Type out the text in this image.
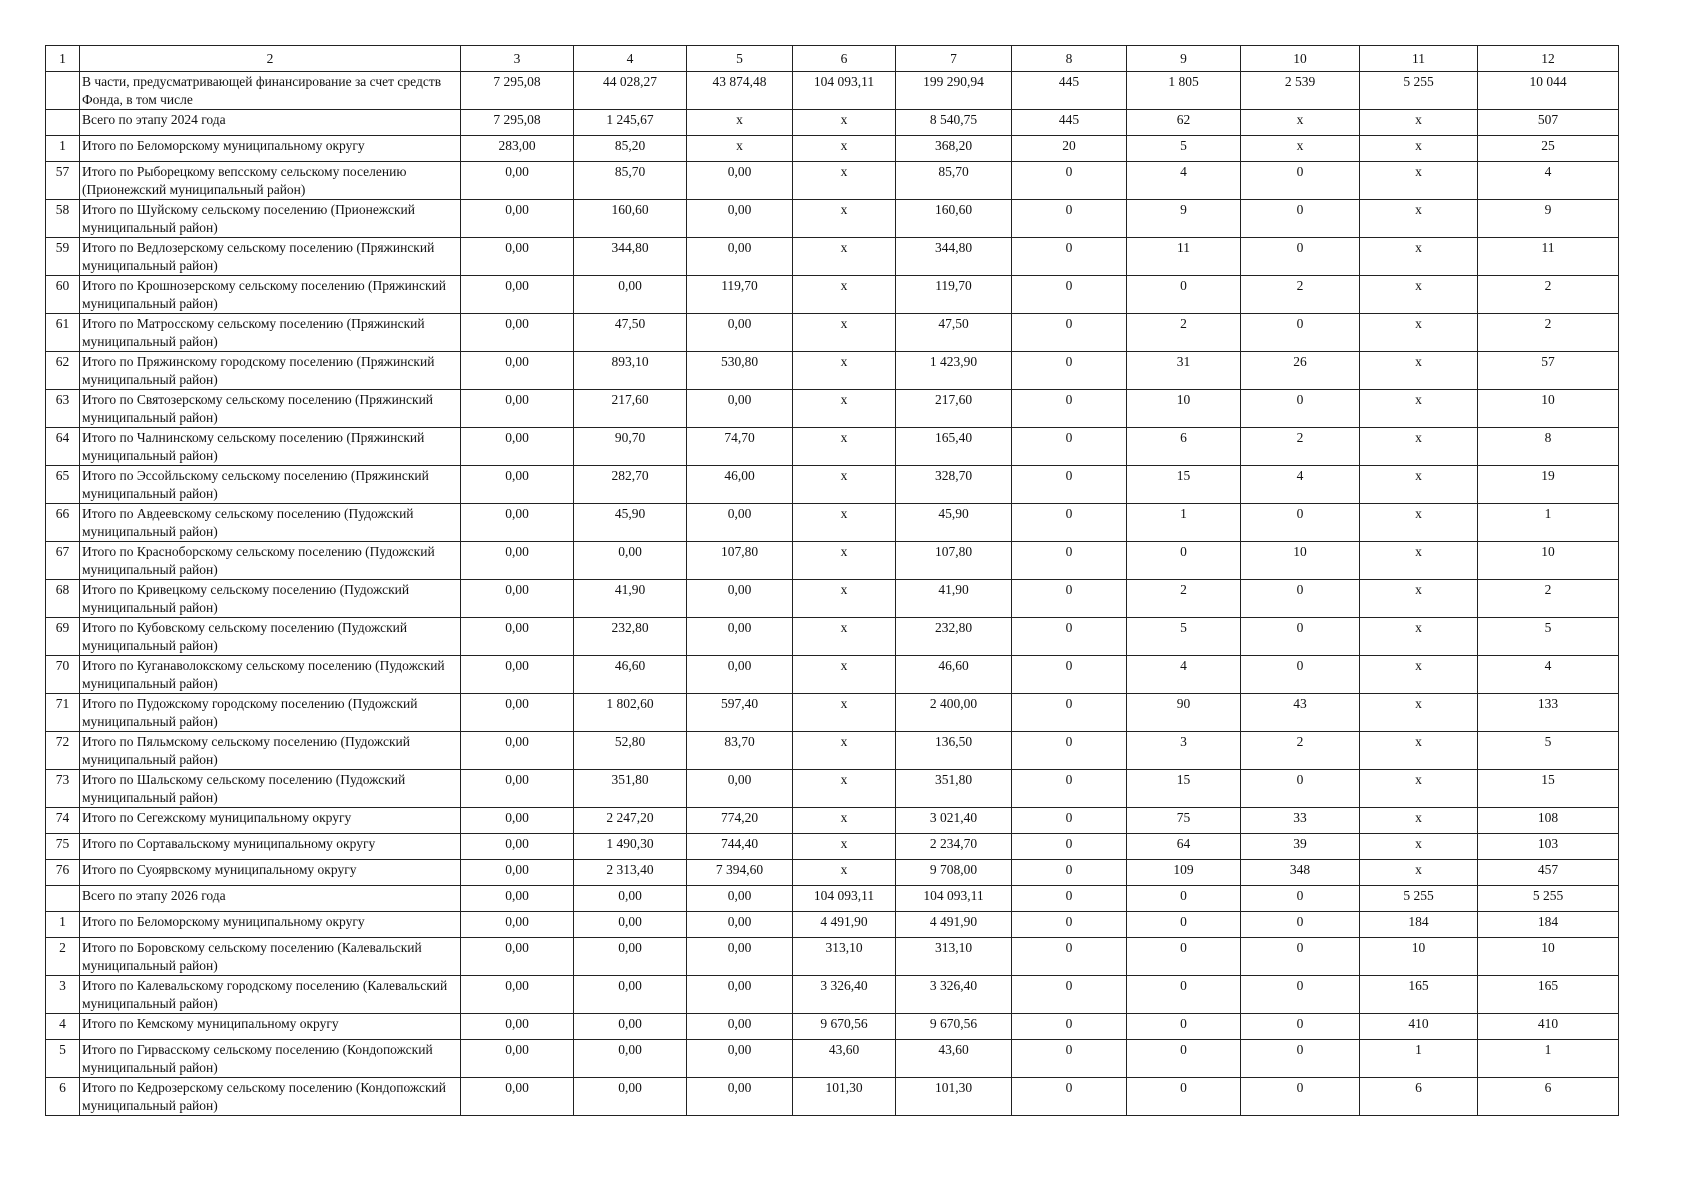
1	2	3	4	5	6	7	8	9	10	11	12
	В части, предусматривающей финансирование за счет средств Фонда, в том числе	7 295,08	44 028,27	43 874,48	104 093,11	199 290,94	445	1 805	2 539	5 255	10 044
	Всего по этапу 2024 года	7 295,08	1 245,67	х	х	8 540,75	445	62	х	х	507
1	Итого по Беломорскому муниципальному округу	283,00	85,20	х	х	368,20	20	5	х	х	25
57	Итого по Рыборецкому вепсскому сельскому поселению (Прионежский муниципальный район)	0,00	85,70	0,00	х	85,70	0	4	0	х	4
58	Итого по Шуйскому сельскому поселению (Прионежский муниципальный район)	0,00	160,60	0,00	х	160,60	0	9	0	х	9
59	Итого по Ведлозерскому сельскому поселению (Пряжинский муниципальный район)	0,00	344,80	0,00	х	344,80	0	11	0	х	11
60	Итого по Крошнозерскому сельскому поселению (Пряжинский муниципальный район)	0,00	0,00	119,70	х	119,70	0	0	2	х	2
61	Итого по Матросскому сельскому поселению (Пряжинский муниципальный район)	0,00	47,50	0,00	х	47,50	0	2	0	х	2
62	Итого по Пряжинскому городскому поселению (Пряжинский муниципальный район)	0,00	893,10	530,80	х	1 423,90	0	31	26	х	57
63	Итого по Святозерскому сельскому поселению (Пряжинский муниципальный район)	0,00	217,60	0,00	х	217,60	0	10	0	х	10
64	Итого по Чалнинскому сельскому поселению (Пряжинский муниципальный район)	0,00	90,70	74,70	х	165,40	0	6	2	х	8
65	Итого по Эссойльскому сельскому поселению (Пряжинский муниципальный район)	0,00	282,70	46,00	х	328,70	0	15	4	х	19
66	Итого по Авдеевскому сельскому поселению (Пудожский муниципальный район)	0,00	45,90	0,00	х	45,90	0	1	0	х	1
67	Итого по Красноборскому сельскому поселению (Пудожский муниципальный район)	0,00	0,00	107,80	х	107,80	0	0	10	х	10
68	Итого по Кривецкому сельскому поселению (Пудожский муниципальный район)	0,00	41,90	0,00	х	41,90	0	2	0	х	2
69	Итого по Кубовскому сельскому поселению (Пудожский муниципальный район)	0,00	232,80	0,00	х	232,80	0	5	0	х	5
70	Итого по Куганаволокскому сельскому поселению (Пудожский муниципальный район)	0,00	46,60	0,00	х	46,60	0	4	0	х	4
71	Итого по Пудожскому городскому поселению (Пудожский муниципальный район)	0,00	1 802,60	597,40	х	2 400,00	0	90	43	х	133
72	Итого по Пяльмскому сельскому поселению (Пудожский муниципальный район)	0,00	52,80	83,70	х	136,50	0	3	2	х	5
73	Итого по Шальскому сельскому поселению (Пудожский муниципальный район)	0,00	351,80	0,00	х	351,80	0	15	0	х	15
74	Итого по Сегежскому муниципальному округу	0,00	2 247,20	774,20	х	3 021,40	0	75	33	х	108
75	Итого по Сортавальскому муниципальному округу	0,00	1 490,30	744,40	х	2 234,70	0	64	39	х	103
76	Итого по Суоярвскому муниципальному округу	0,00	2 313,40	7 394,60	х	9 708,00	0	109	348	х	457
	Всего по этапу 2026 года	0,00	0,00	0,00	104 093,11	104 093,11	0	0	0	5 255	5 255
1	Итого по Беломорскому муниципальному округу	0,00	0,00	0,00	4 491,90	4 491,90	0	0	0	184	184
2	Итого по Боровскому сельскому поселению (Калевальский муниципальный район)	0,00	0,00	0,00	313,10	313,10	0	0	0	10	10
3	Итого по Калевальскому городскому поселению (Калевальский муниципальный район)	0,00	0,00	0,00	3 326,40	3 326,40	0	0	0	165	165
4	Итого по Кемскому муниципальному округу	0,00	0,00	0,00	9 670,56	9 670,56	0	0	0	410	410
5	Итого по Гирвасскому сельскому поселению (Кондопожский муниципальный район)	0,00	0,00	0,00	43,60	43,60	0	0	0	1	1
6	Итого по Кедрозерскому сельскому поселению (Кондопожский муниципальный район)	0,00	0,00	0,00	101,30	101,30	0	0	0	6	6
